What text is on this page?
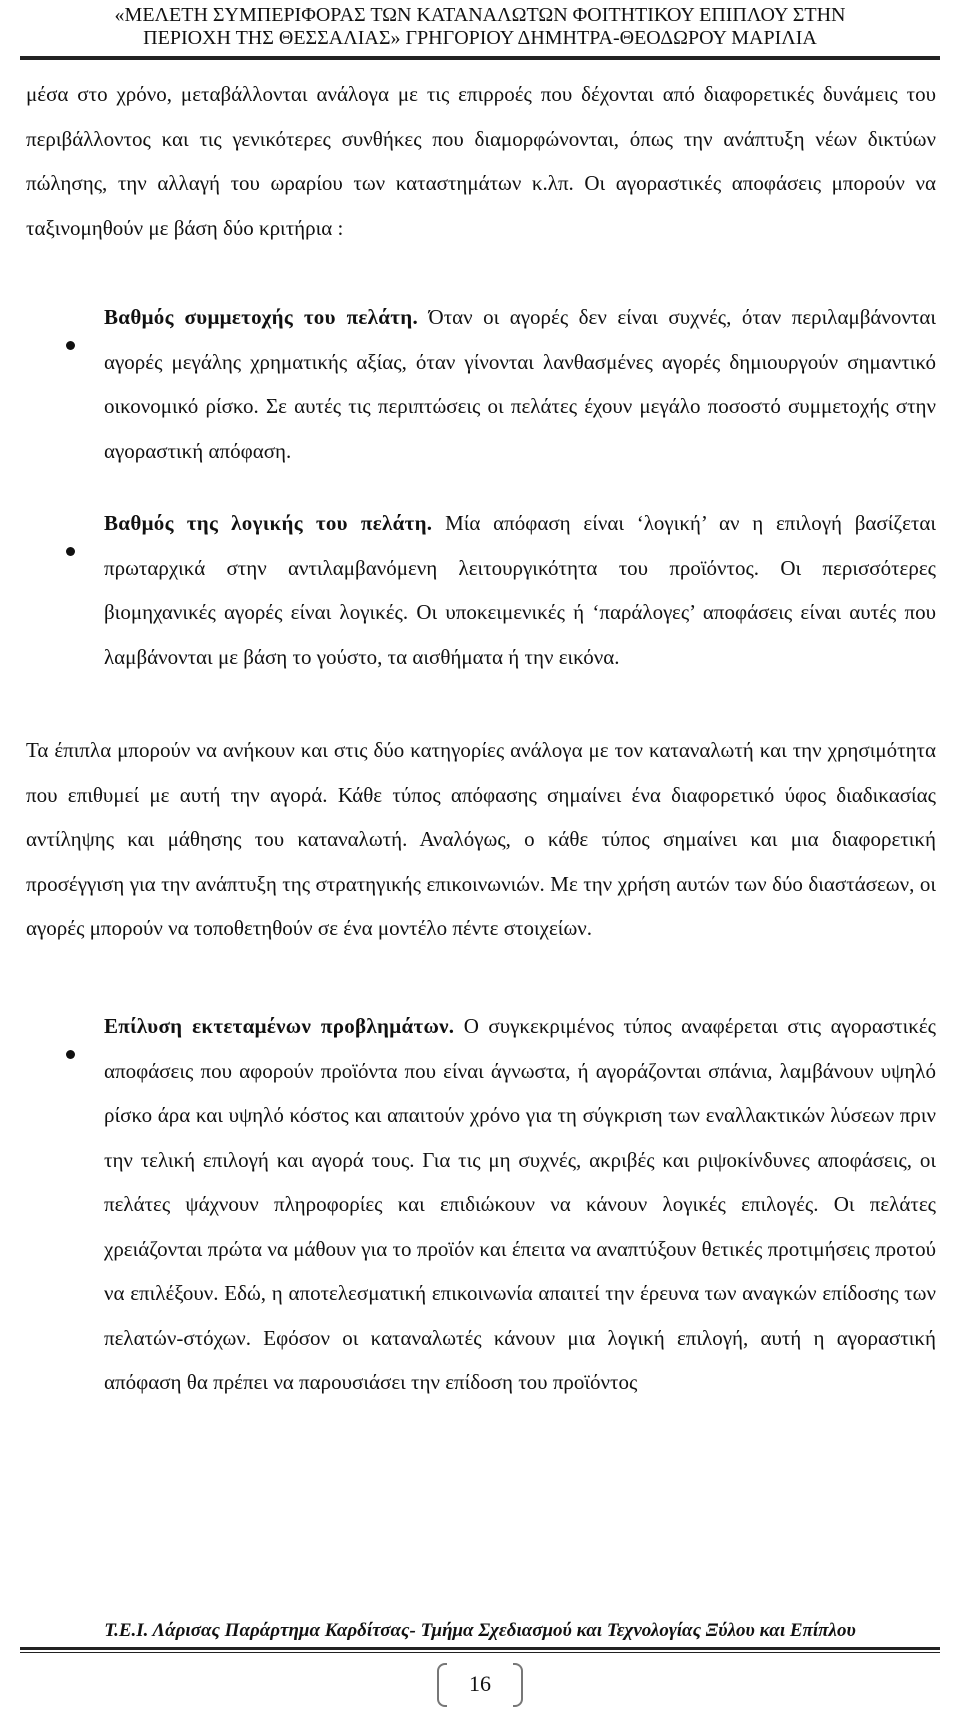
«ΜΕΛΕΤΗ ΣΥΜΠΕΡΙΦΟΡΑΣ ΤΩΝ ΚΑΤΑΝΑΛΩΤΩΝ ΦΟΙΤΗΤΙΚΟΥ ΕΠΙΠΛΟΥ ΣΤΗΝ
ΠΕΡΙΟΧΗ ΤΗΣ ΘΕΣΣΑΛΙΑΣ» ΓΡΗΓΟΡΙΟΥ ΔΗΜΗΤΡΑ-ΘΕΟΔΩΡΟΥ ΜΑΡΙΛΙΑ

μέσα στο χρόνο, μεταβάλλονται ανάλογα με τις επιρροές που δέχονται από διαφορετικές δυνάμεις του περιβάλλοντος και τις γενικότερες συνθήκες που διαμορφώνονται, όπως την ανάπτυξη νέων δικτύων πώλησης, την αλλαγή του ωραρίου των καταστημάτων κ.λπ. Οι αγοραστικές αποφάσεις μπορούν να ταξινομηθούν με βάση δύο κριτήρια :

Βαθμός συμμετοχής του πελάτη. Όταν οι αγορές δεν είναι συχνές, όταν περιλαμβάνονται αγορές μεγάλης χρηματικής αξίας, όταν γίνονται λανθασμένες αγορές δημιουργούν σημαντικό οικονομικό ρίσκο. Σε αυτές τις περιπτώσεις οι πελάτες έχουν μεγάλο ποσοστό συμμετοχής στην αγοραστική απόφαση.

Βαθμός της λογικής του πελάτη. Μία απόφαση είναι ‘λογική’ αν η επιλογή βασίζεται πρωταρχικά στην αντιλαμβανόμενη λειτουργικότητα του προϊόντος. Οι περισσότερες βιομηχανικές αγορές είναι λογικές. Οι υποκειμενικές ή ‘παράλογες’ αποφάσεις είναι αυτές που λαμβάνονται με βάση το γούστο, τα αισθήματα ή την εικόνα.

Τα έπιπλα μπορούν να ανήκουν και στις δύο κατηγορίες ανάλογα με τον καταναλωτή και την χρησιμότητα που επιθυμεί με αυτή την αγορά. Κάθε τύπος απόφασης σημαίνει ένα διαφορετικό ύφος διαδικασίας αντίληψης και μάθησης του καταναλωτή. Αναλόγως, ο κάθε τύπος σημαίνει και μια διαφορετική προσέγγιση για την ανάπτυξη της στρατηγικής επικοινωνιών. Με την χρήση αυτών των δύο διαστάσεων, οι αγορές μπορούν να τοποθετηθούν σε ένα μοντέλο πέντε στοιχείων.

Επίλυση εκτεταμένων προβλημάτων. Ο συγκεκριμένος τύπος αναφέρεται στις αγοραστικές αποφάσεις που αφορούν προϊόντα που είναι άγνωστα, ή αγοράζονται σπάνια, λαμβάνουν υψηλό ρίσκο άρα και υψηλό κόστος και απαιτούν χρόνο για τη σύγκριση των εναλλακτικών λύσεων πριν την τελική επιλογή και αγορά τους. Για τις μη συχνές, ακριβές και ριψοκίνδυνες αποφάσεις, οι πελάτες ψάχνουν πληροφορίες και επιδιώκουν να κάνουν λογικές επιλογές. Οι πελάτες χρειάζονται πρώτα να μάθουν για το προϊόν και έπειτα να αναπτύξουν θετικές προτιμήσεις προτού να επιλέξουν. Εδώ, η αποτελεσματική επικοινωνία απαιτεί την έρευνα των αναγκών επίδοσης των πελατών-στόχων. Εφόσον οι καταναλωτές κάνουν μια λογική επιλογή, αυτή η αγοραστική απόφαση θα πρέπει να παρουσιάσει την επίδοση του προϊόντος

Τ.Ε.Ι. Λάρισας Παράρτημα Καρδίτσας- Τμήμα Σχεδιασμού και Τεχνολογίας Ξύλου και Επίπλου
16
